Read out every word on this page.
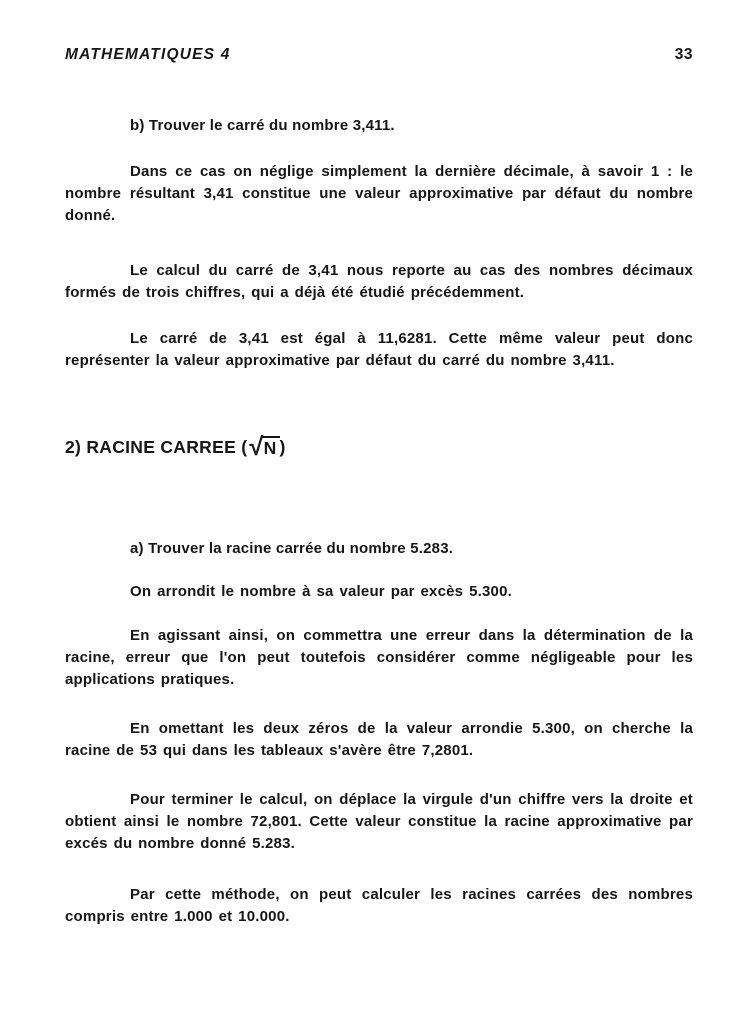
MATHEMATIQUES 4	33
b) Trouver le carré du nombre 3,411.

Dans ce cas on néglige simplement la dernière décimale, à savoir 1 : le nombre résultant 3,41 constitue une valeur approximative par défaut du nombre donné.

Le calcul du carré de 3,41 nous reporte au cas des nombres décimaux formés de trois chiffres, qui a déjà été étudié précédemment.

Le carré de 3,41 est égal à 11,6281. Cette même valeur peut donc représenter la valeur approximative par défaut du carré du nombre 3,411.

2) RACINE CARREE ( √ N )
a) Trouver la racine carrée du nombre 5.283.

On arrondit le nombre à sa valeur par excès 5.300.

En agissant ainsi, on commettra une erreur dans la détermination de la racine, erreur que l'on peut toutefois considérer comme négligeable pour les applications pratiques.

En omettant les deux zéros de la valeur arrondie 5.300, on cherche la racine de 53 qui dans les tableaux s'avère être 7,2801.

Pour terminer le calcul, on déplace la virgule d'un chiffre vers la droite et obtient ainsi le nombre 72,801. Cette valeur constitue la racine approximative par excés du nombre donné 5.283.

Par cette méthode, on peut calculer les racines carrées des nombres compris entre 1.000 et 10.000.
